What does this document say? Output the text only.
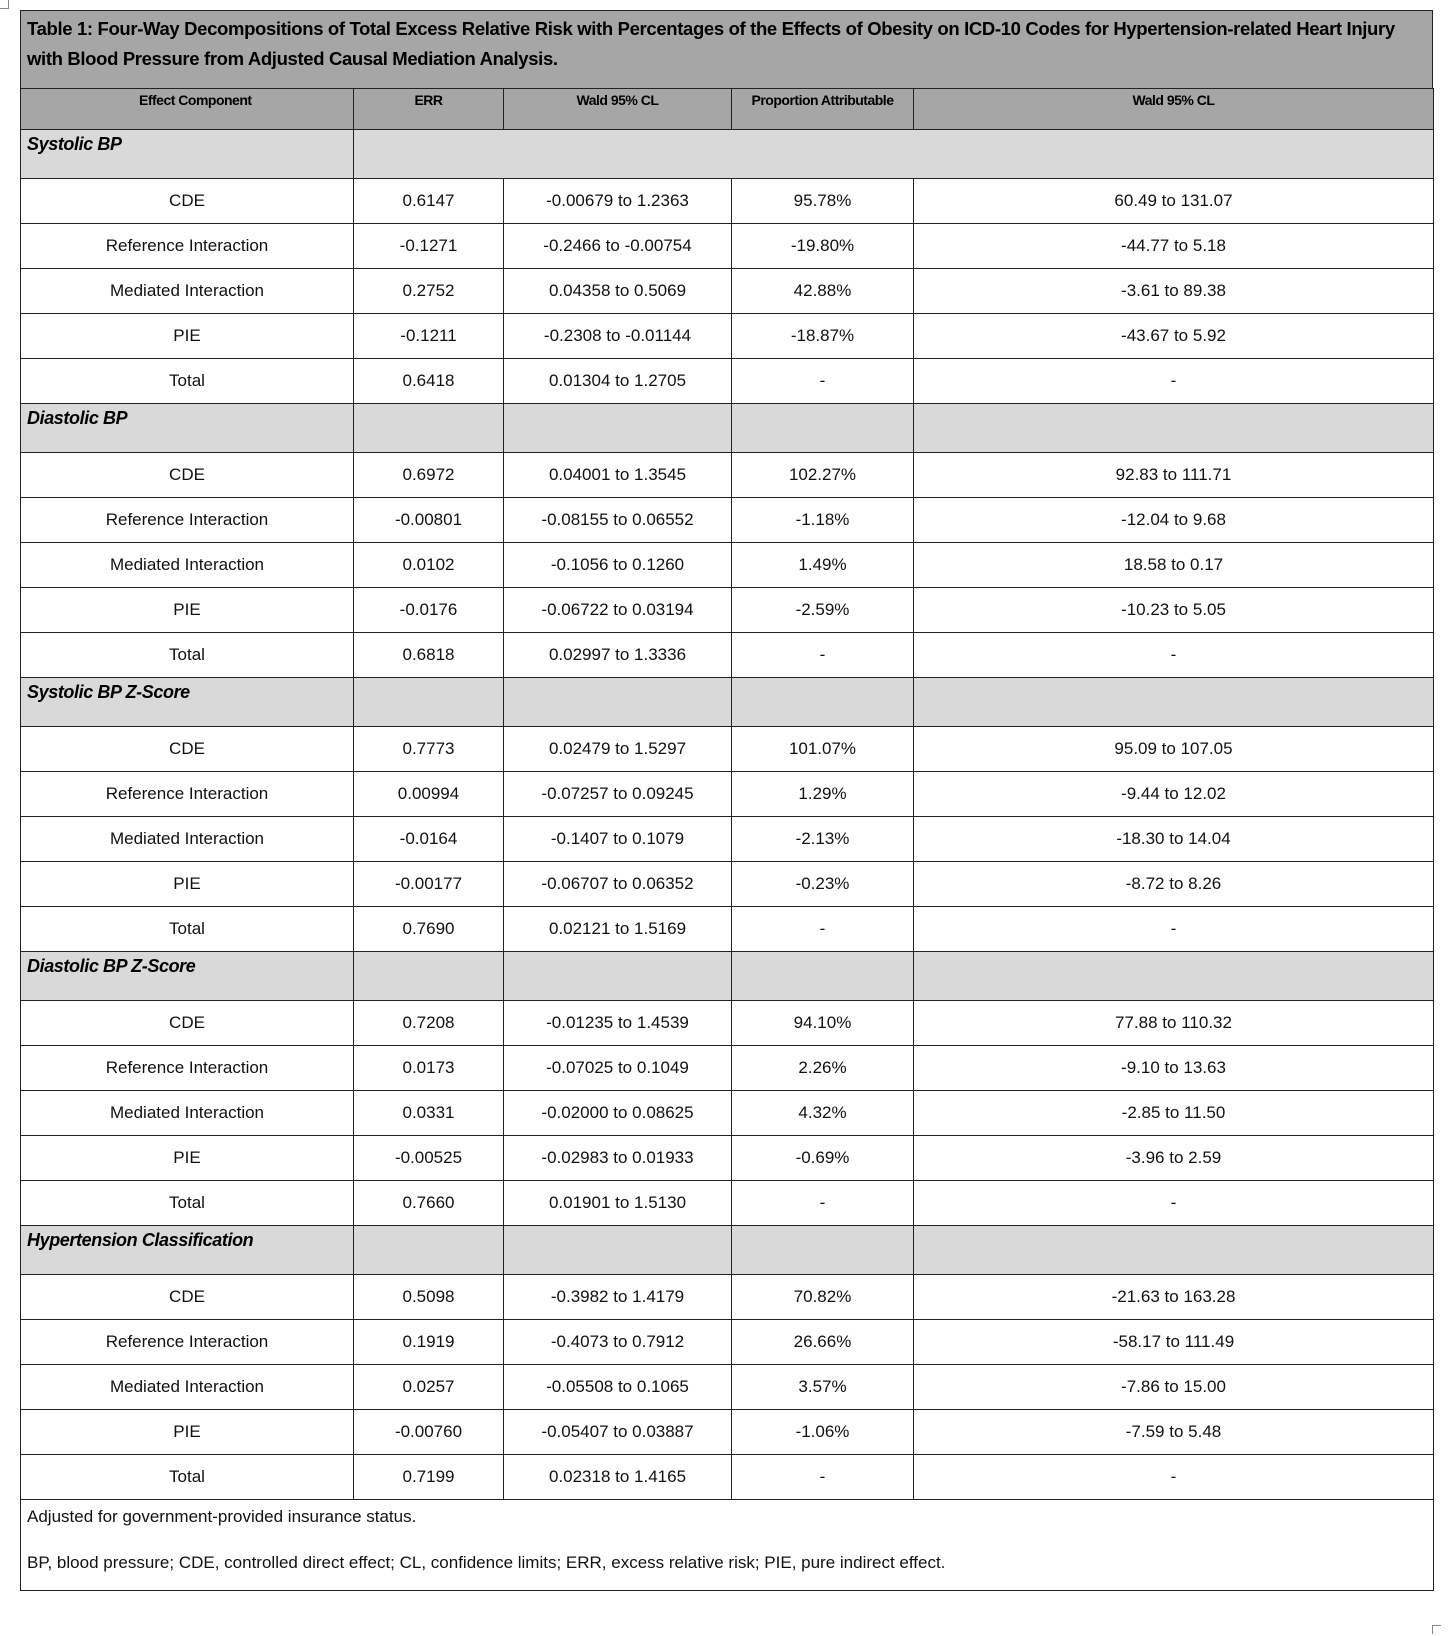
Table 1: Four-Way Decompositions of Total Excess Relative Risk with Percentages of the Effects of Obesity on ICD-10 Codes for Hypertension-related Heart Injury with Blood Pressure from Adjusted Causal Mediation Analysis.
Effect Component	ERR	Wald 95% CL	Proportion Attributable	Wald 95% CL
Systolic BP				
CDE	0.6147	-0.00679 to 1.2363	95.78%	60.49 to 131.07
Reference Interaction	-0.1271	-0.2466 to -0.00754	-19.80%	-44.77 to 5.18
Mediated Interaction	0.2752	0.04358 to 0.5069	42.88%	-3.61 to 89.38
PIE	-0.1211	-0.2308 to -0.01144	-18.87%	-43.67 to 5.92
Total	0.6418	0.01304 to 1.2705	-	-
Diastolic BP				
CDE	0.6972	0.04001 to 1.3545	102.27%	92.83 to 111.71
Reference Interaction	-0.00801	-0.08155 to 0.06552	-1.18%	-12.04 to 9.68
Mediated Interaction	0.0102	-0.1056 to 0.1260	1.49%	18.58 to 0.17
PIE	-0.0176	-0.06722 to 0.03194	-2.59%	-10.23 to 5.05
Total	0.6818	0.02997 to 1.3336	-	-
Systolic BP Z-Score				
CDE	0.7773	0.02479 to 1.5297	101.07%	95.09 to 107.05
Reference Interaction	0.00994	-0.07257 to 0.09245	1.29%	-9.44 to 12.02
Mediated Interaction	-0.0164	-0.1407 to 0.1079	-2.13%	-18.30 to 14.04
PIE	-0.00177	-0.06707 to 0.06352	-0.23%	-8.72 to 8.26
Total	0.7690	0.02121 to 1.5169	-	-
Diastolic BP Z-Score				
CDE	0.7208	-0.01235 to 1.4539	94.10%	77.88 to 110.32
Reference Interaction	0.0173	-0.07025 to 0.1049	2.26%	-9.10 to 13.63
Mediated Interaction	0.0331	-0.02000 to 0.08625	4.32%	-2.85 to 11.50
PIE	-0.00525	-0.02983 to 0.01933	-0.69%	-3.96 to 2.59
Total	0.7660	0.01901 to 1.5130	-	-
Hypertension Classification				
CDE	0.5098	-0.3982 to 1.4179	70.82%	-21.63 to 163.28
Reference Interaction	0.1919	-0.4073 to 0.7912	26.66%	-58.17 to 111.49
Mediated Interaction	0.0257	-0.05508 to 0.1065	3.57%	-7.86 to 15.00
PIE	-0.00760	-0.05407 to 0.03887	-1.06%	-7.59 to 5.48
Total	0.7199	0.02318 to 1.4165	-	-

Adjusted for government-provided insurance status.
BP, blood pressure; CDE, controlled direct effect; CL, confidence limits; ERR, excess relative risk; PIE, pure indirect effect.				
